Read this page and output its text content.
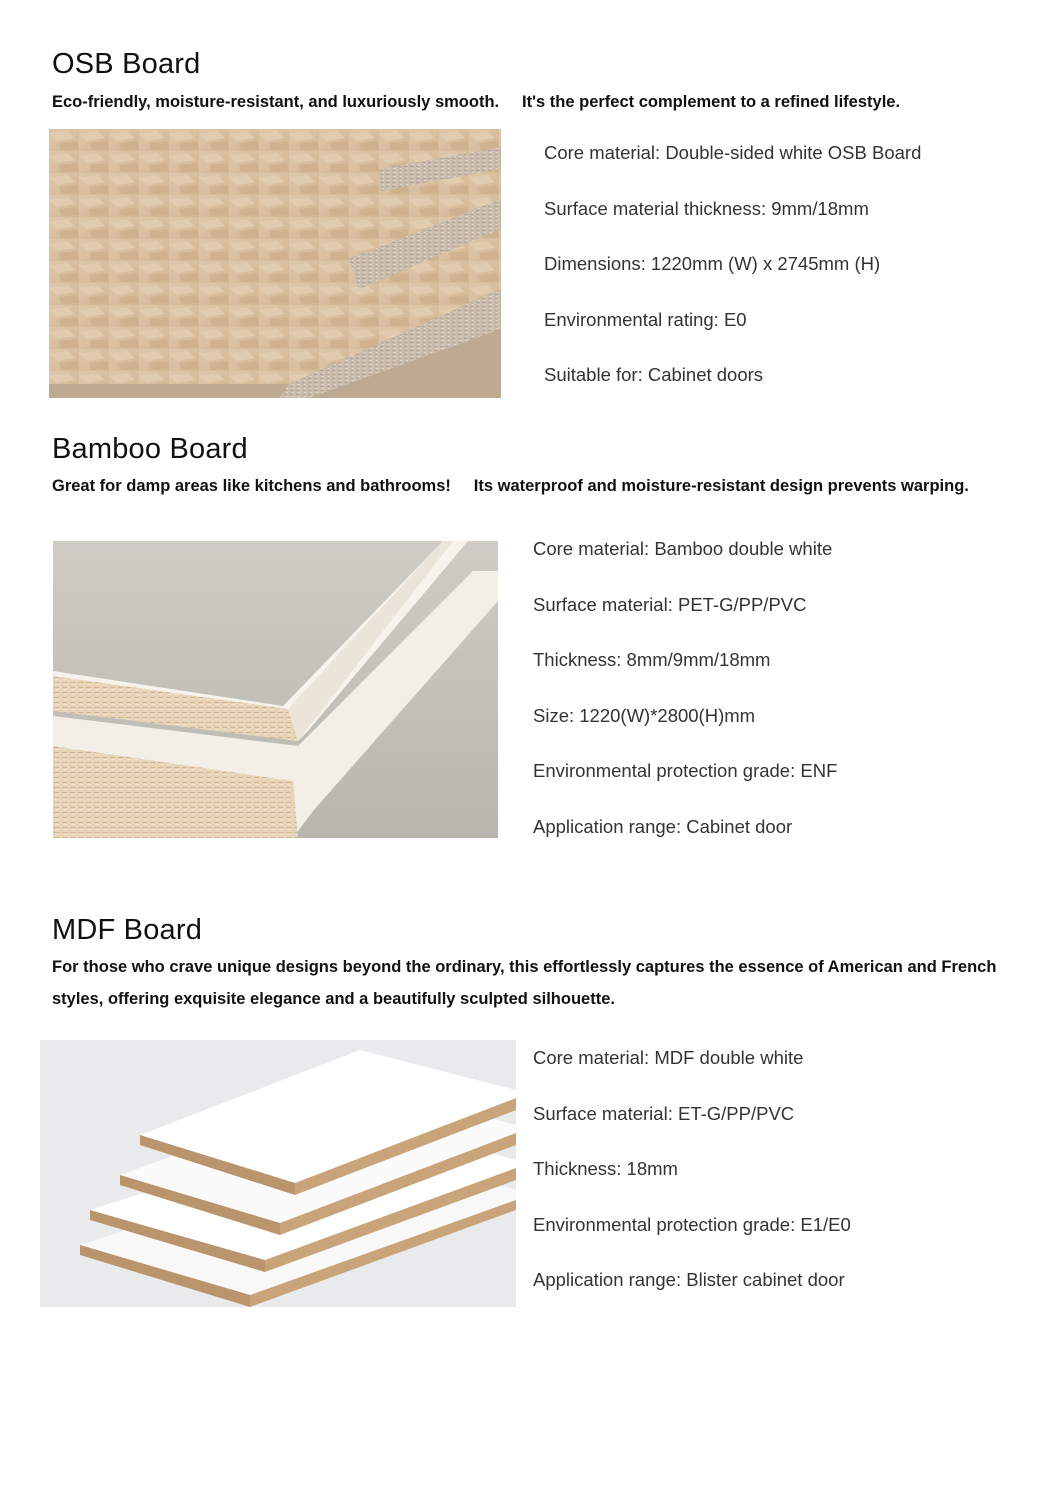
OSB Board

Eco-friendly, moisture-resistant, and luxuriously smooth.     It's the perfect complement to a refined lifestyle.

Core material: Double-sided white OSB Board
Surface material thickness: 9mm/18mm
Dimensions: 1220mm (W) x 2745mm (H)
Environmental rating: E0
Suitable for: Cabinet doors
Bamboo Board

Great for damp areas like kitchens and bathrooms!     Its waterproof and moisture-resistant design prevents warping.

Core material: Bamboo double white
Surface material: PET-G/PP/PVC
Thickness: 8mm/9mm/18mm
Size: 1220(W)*2800(H)mm
Environmental protection grade: ENF
Application range: Cabinet door
MDF Board

For those who crave unique designs beyond the ordinary, this effortlessly captures the essence of American and French styles, offering exquisite elegance and a beautifully sculpted silhouette.

Core material: MDF double white
Surface material: ET-G/PP/PVC
Thickness: 18mm
Environmental protection grade: E1/E0
Application range: Blister cabinet door
